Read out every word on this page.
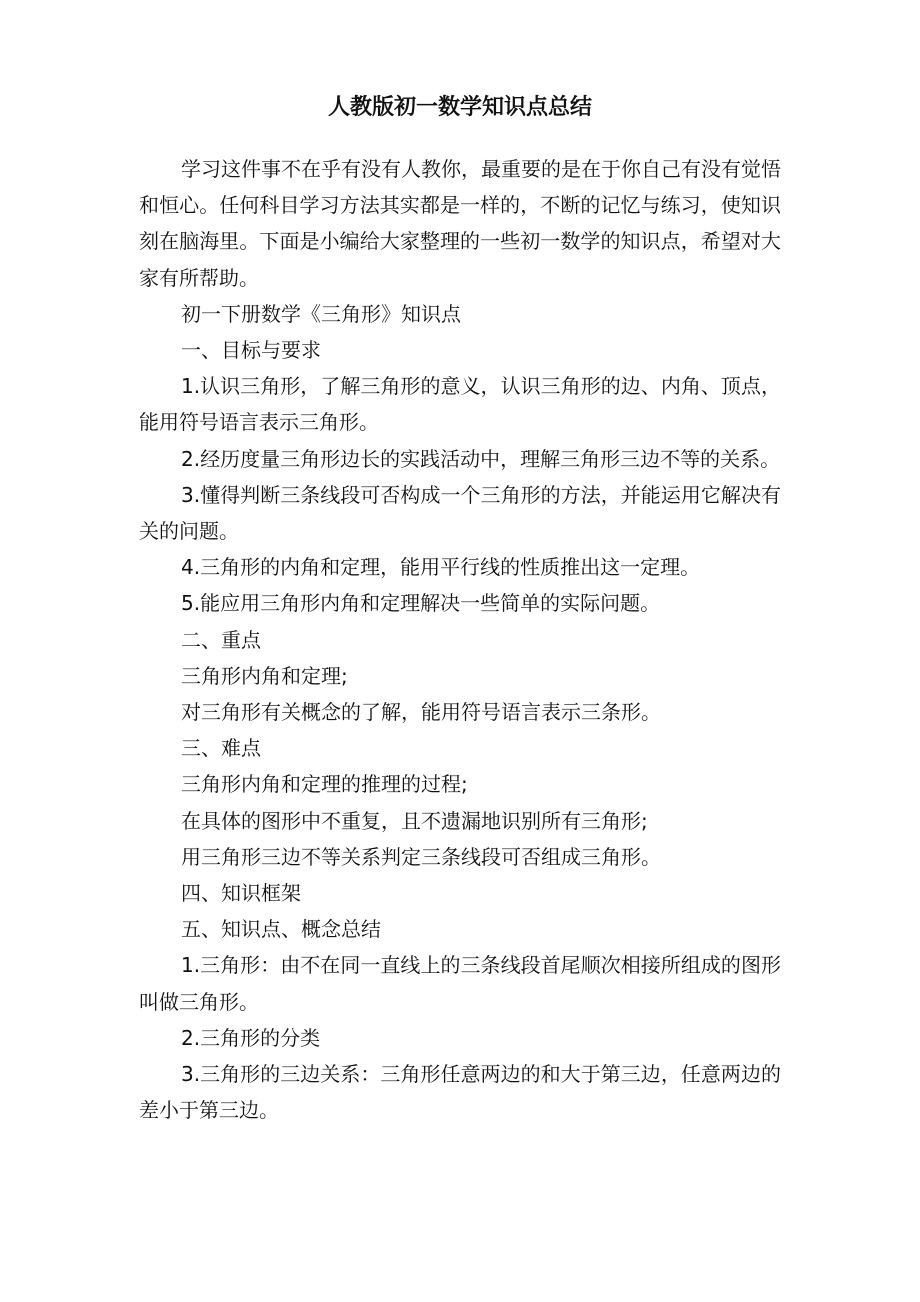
人教版初一数学知识点总结

学习这件事不在乎有没有人教你，最重要的是在于你自己有没有觉悟和恒心。任何科目学习方法其实都是一样的，不断的记忆与练习，使知识刻在脑海里。下面是小编给大家整理的一些初一数学的知识点，希望对大家有所帮助。

初一下册数学《三角形》知识点

一、目标与要求

1.认识三角形，了解三角形的意义，认识三角形的边、内角、顶点，能用符号语言表示三角形。

2.经历度量三角形边长的实践活动中，理解三角形三边不等的关系。

3.懂得判断三条线段可否构成一个三角形的方法，并能运用它解决有关的问题。

4.三角形的内角和定理，能用平行线的性质推出这一定理。

5.能应用三角形内角和定理解决一些简单的实际问题。

二、重点

三角形内角和定理;

对三角形有关概念的了解，能用符号语言表示三条形。

三、难点

三角形内角和定理的推理的过程;

在具体的图形中不重复，且不遗漏地识别所有三角形;

用三角形三边不等关系判定三条线段可否组成三角形。

四、知识框架

五、知识点、概念总结

1.三角形：由不在同一直线上的三条线段首尾顺次相接所组成的图形叫做三角形。

2.三角形的分类

3.三角形的三边关系：三角形任意两边的和大于第三边，任意两边的差小于第三边。
